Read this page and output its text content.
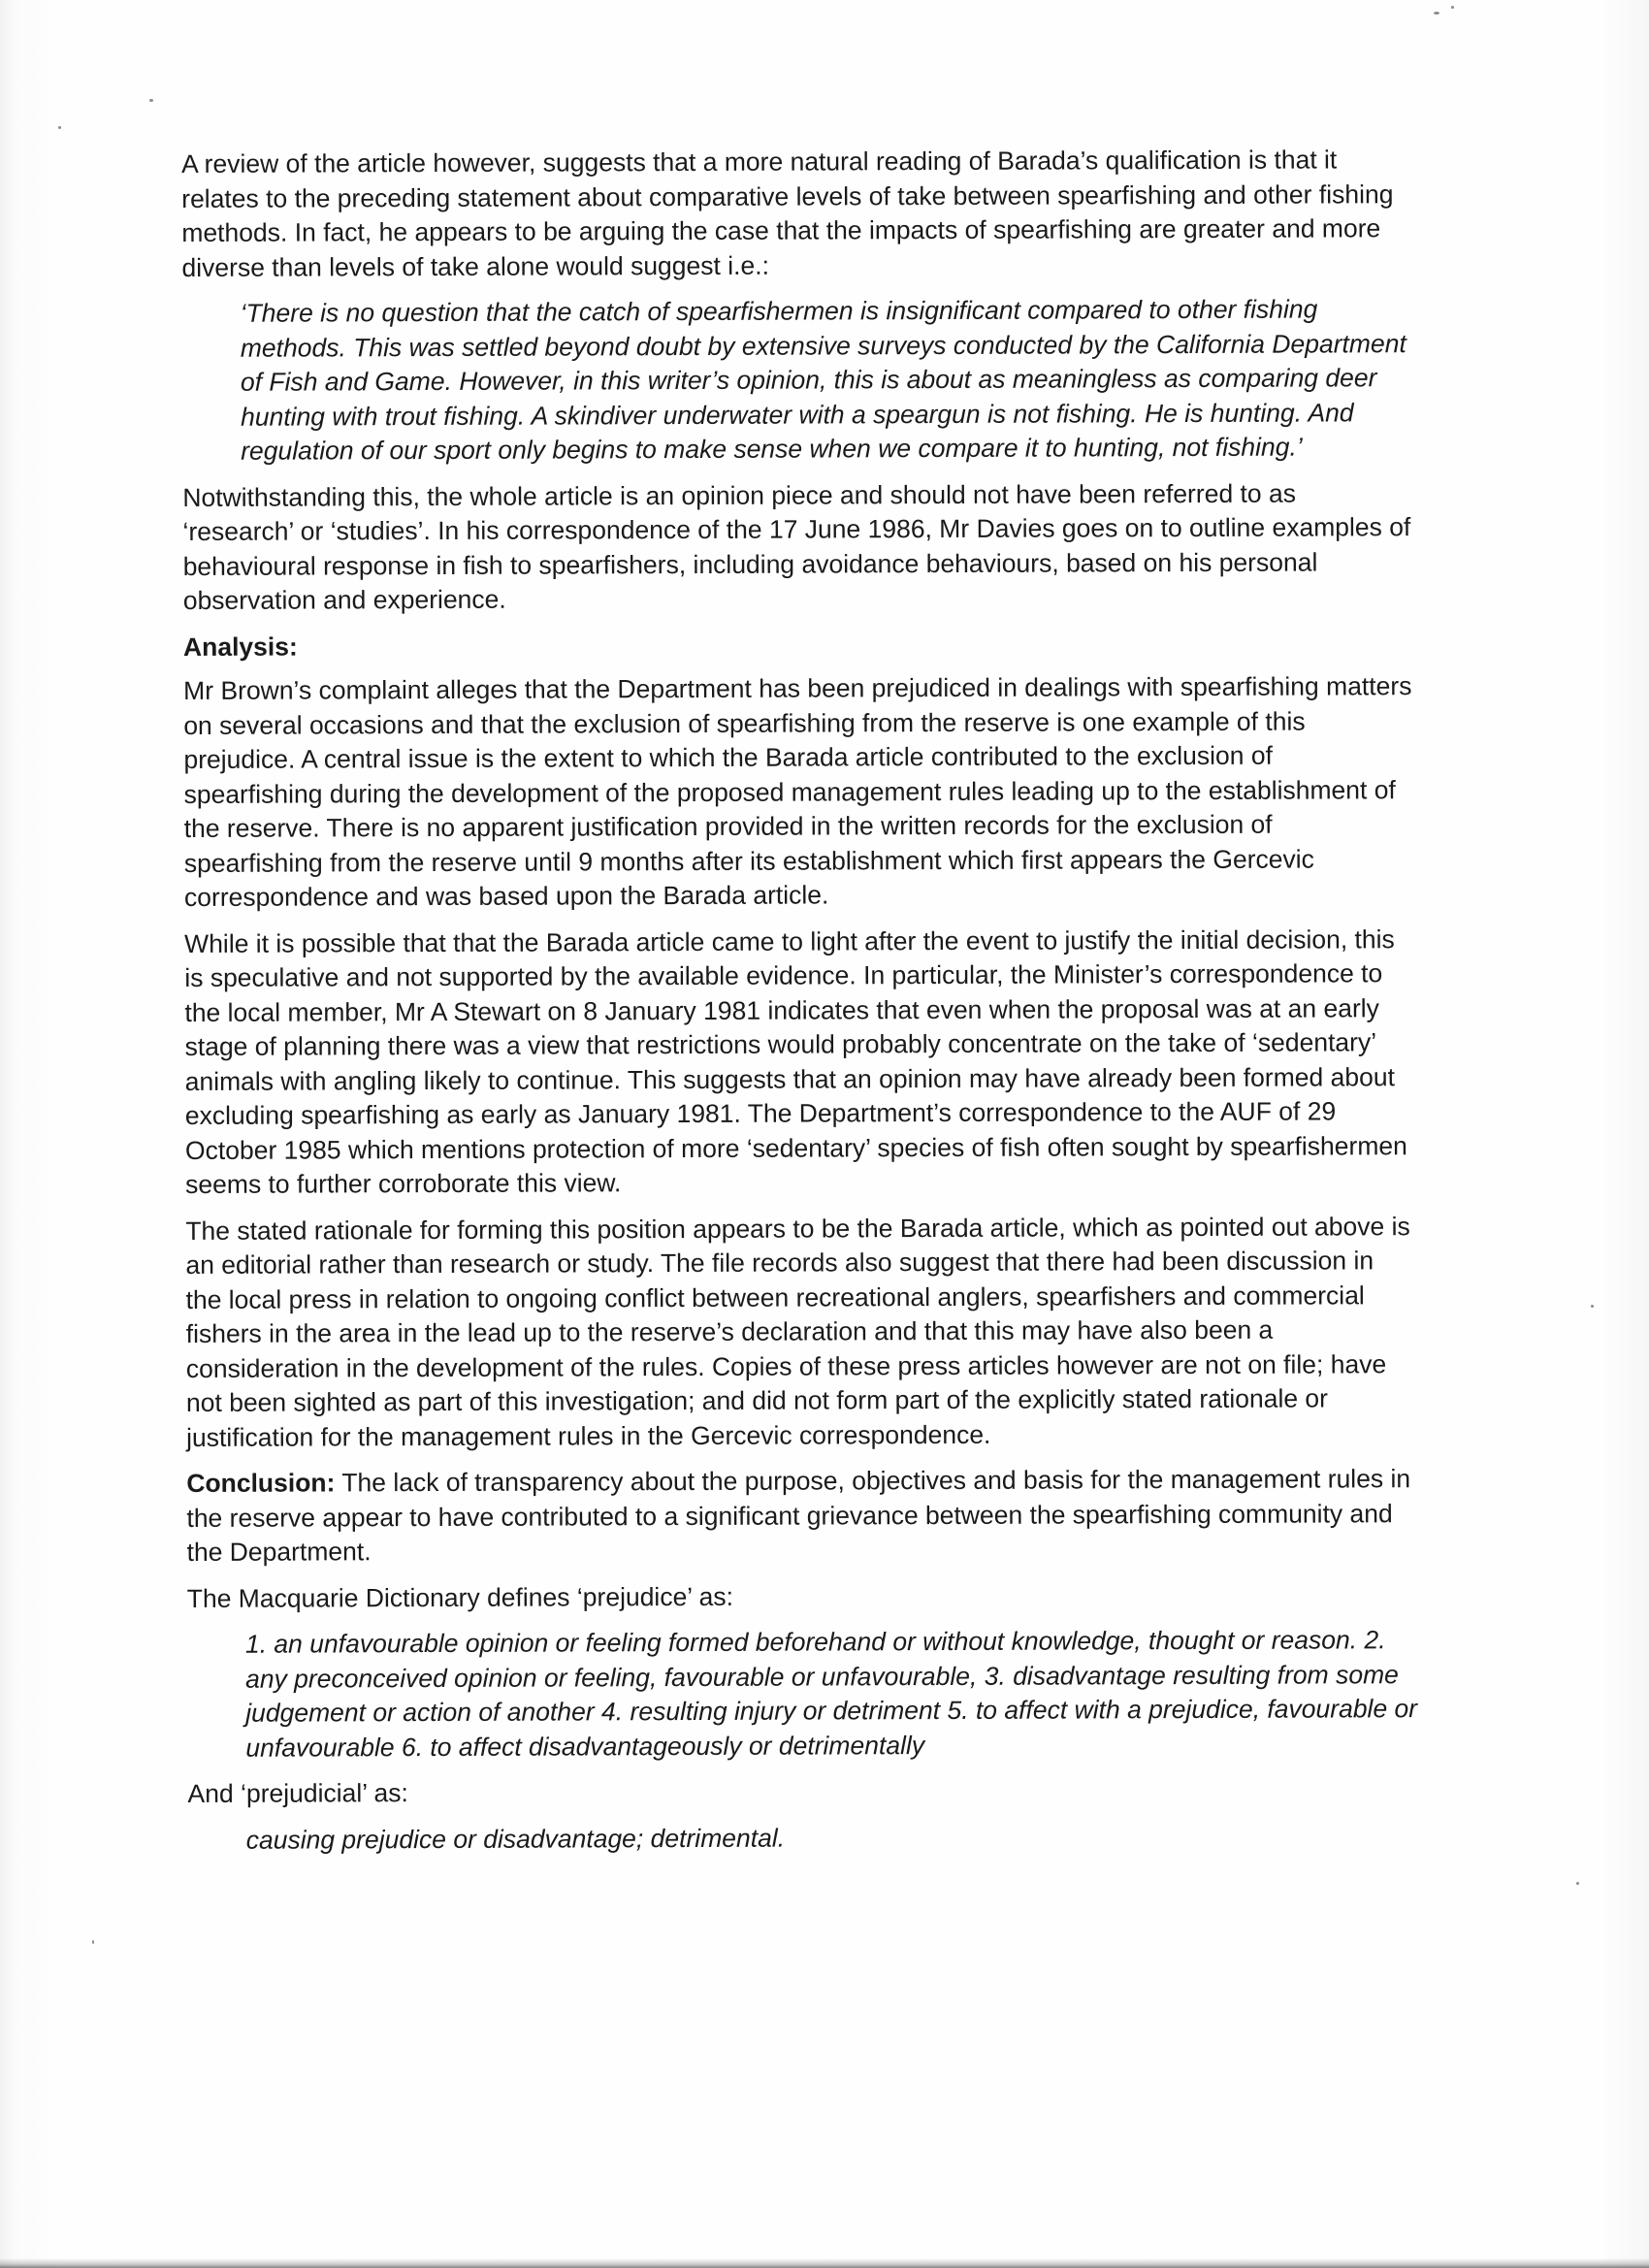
A review of the article however, suggests that a more natural reading of Barada’s qualification is that it relates to the preceding statement about comparative levels of take between spearfishing and other fishing methods. In fact, he appears to be arguing the case that the impacts of spearfishing are greater and more diverse than levels of take alone would suggest i.e.:

‘There is no question that the catch of spearfishermen is insignificant compared to other fishing methods. This was settled beyond doubt by extensive surveys conducted by the California Department of Fish and Game. However, in this writer’s opinion, this is about as meaningless as comparing deer hunting with trout fishing. A skindiver underwater with a speargun is not fishing. He is hunting. And regulation of our sport only begins to make sense when we compare it to hunting, not fishing.’

Notwithstanding this, the whole article is an opinion piece and should not have been referred to as ‘research’ or ‘studies’. In his correspondence of the 17 June 1986, Mr Davies goes on to outline examples of behavioural response in fish to spearfishers, including avoidance behaviours, based on his personal observation and experience.

Analysis:

Mr Brown’s complaint alleges that the Department has been prejudiced in dealings with spearfishing matters on several occasions and that the exclusion of spearfishing from the reserve is one example of this prejudice. A central issue is the extent to which the Barada article contributed to the exclusion of spearfishing during the development of the proposed management rules leading up to the establishment of the reserve. There is no apparent justification provided in the written records for the exclusion of spearfishing from the reserve until 9 months after its establishment which first appears the Gercevic correspondence and was based upon the Barada article.

While it is possible that that the Barada article came to light after the event to justify the initial decision, this is speculative and not supported by the available evidence. In particular, the Minister’s correspondence to the local member, Mr A Stewart on 8 January 1981 indicates that even when the proposal was at an early stage of planning there was a view that restrictions would probably concentrate on the take of ‘sedentary’ animals with angling likely to continue. This suggests that an opinion may have already been formed about excluding spearfishing as early as January 1981. The Department’s correspondence to the AUF of 29 October 1985 which mentions protection of more ‘sedentary’ species of fish often sought by spearfishermen seems to further corroborate this view.

The stated rationale for forming this position appears to be the Barada article, which as pointed out above is an editorial rather than research or study. The file records also suggest that there had been discussion in the local press in relation to ongoing conflict between recreational anglers, spearfishers and commercial fishers in the area in the lead up to the reserve’s declaration and that this may have also been a consideration in the development of the rules. Copies of these press articles however are not on file; have not been sighted as part of this investigation; and did not form part of the explicitly stated rationale or justification for the management rules in the Gercevic correspondence.

Conclusion: The lack of transparency about the purpose, objectives and basis for the management rules in the reserve appear to have contributed to a significant grievance between the spearfishing community and the Department.

The Macquarie Dictionary defines ‘prejudice’ as:

1. an unfavourable opinion or feeling formed beforehand or without knowledge, thought or reason. 2. any preconceived opinion or feeling, favourable or unfavourable, 3. disadvantage resulting from some judgement or action of another 4. resulting injury or detriment 5. to affect with a prejudice, favourable or unfavourable 6. to affect disadvantageously or detrimentally

And ‘prejudicial’ as:

causing prejudice or disadvantage; detrimental.
